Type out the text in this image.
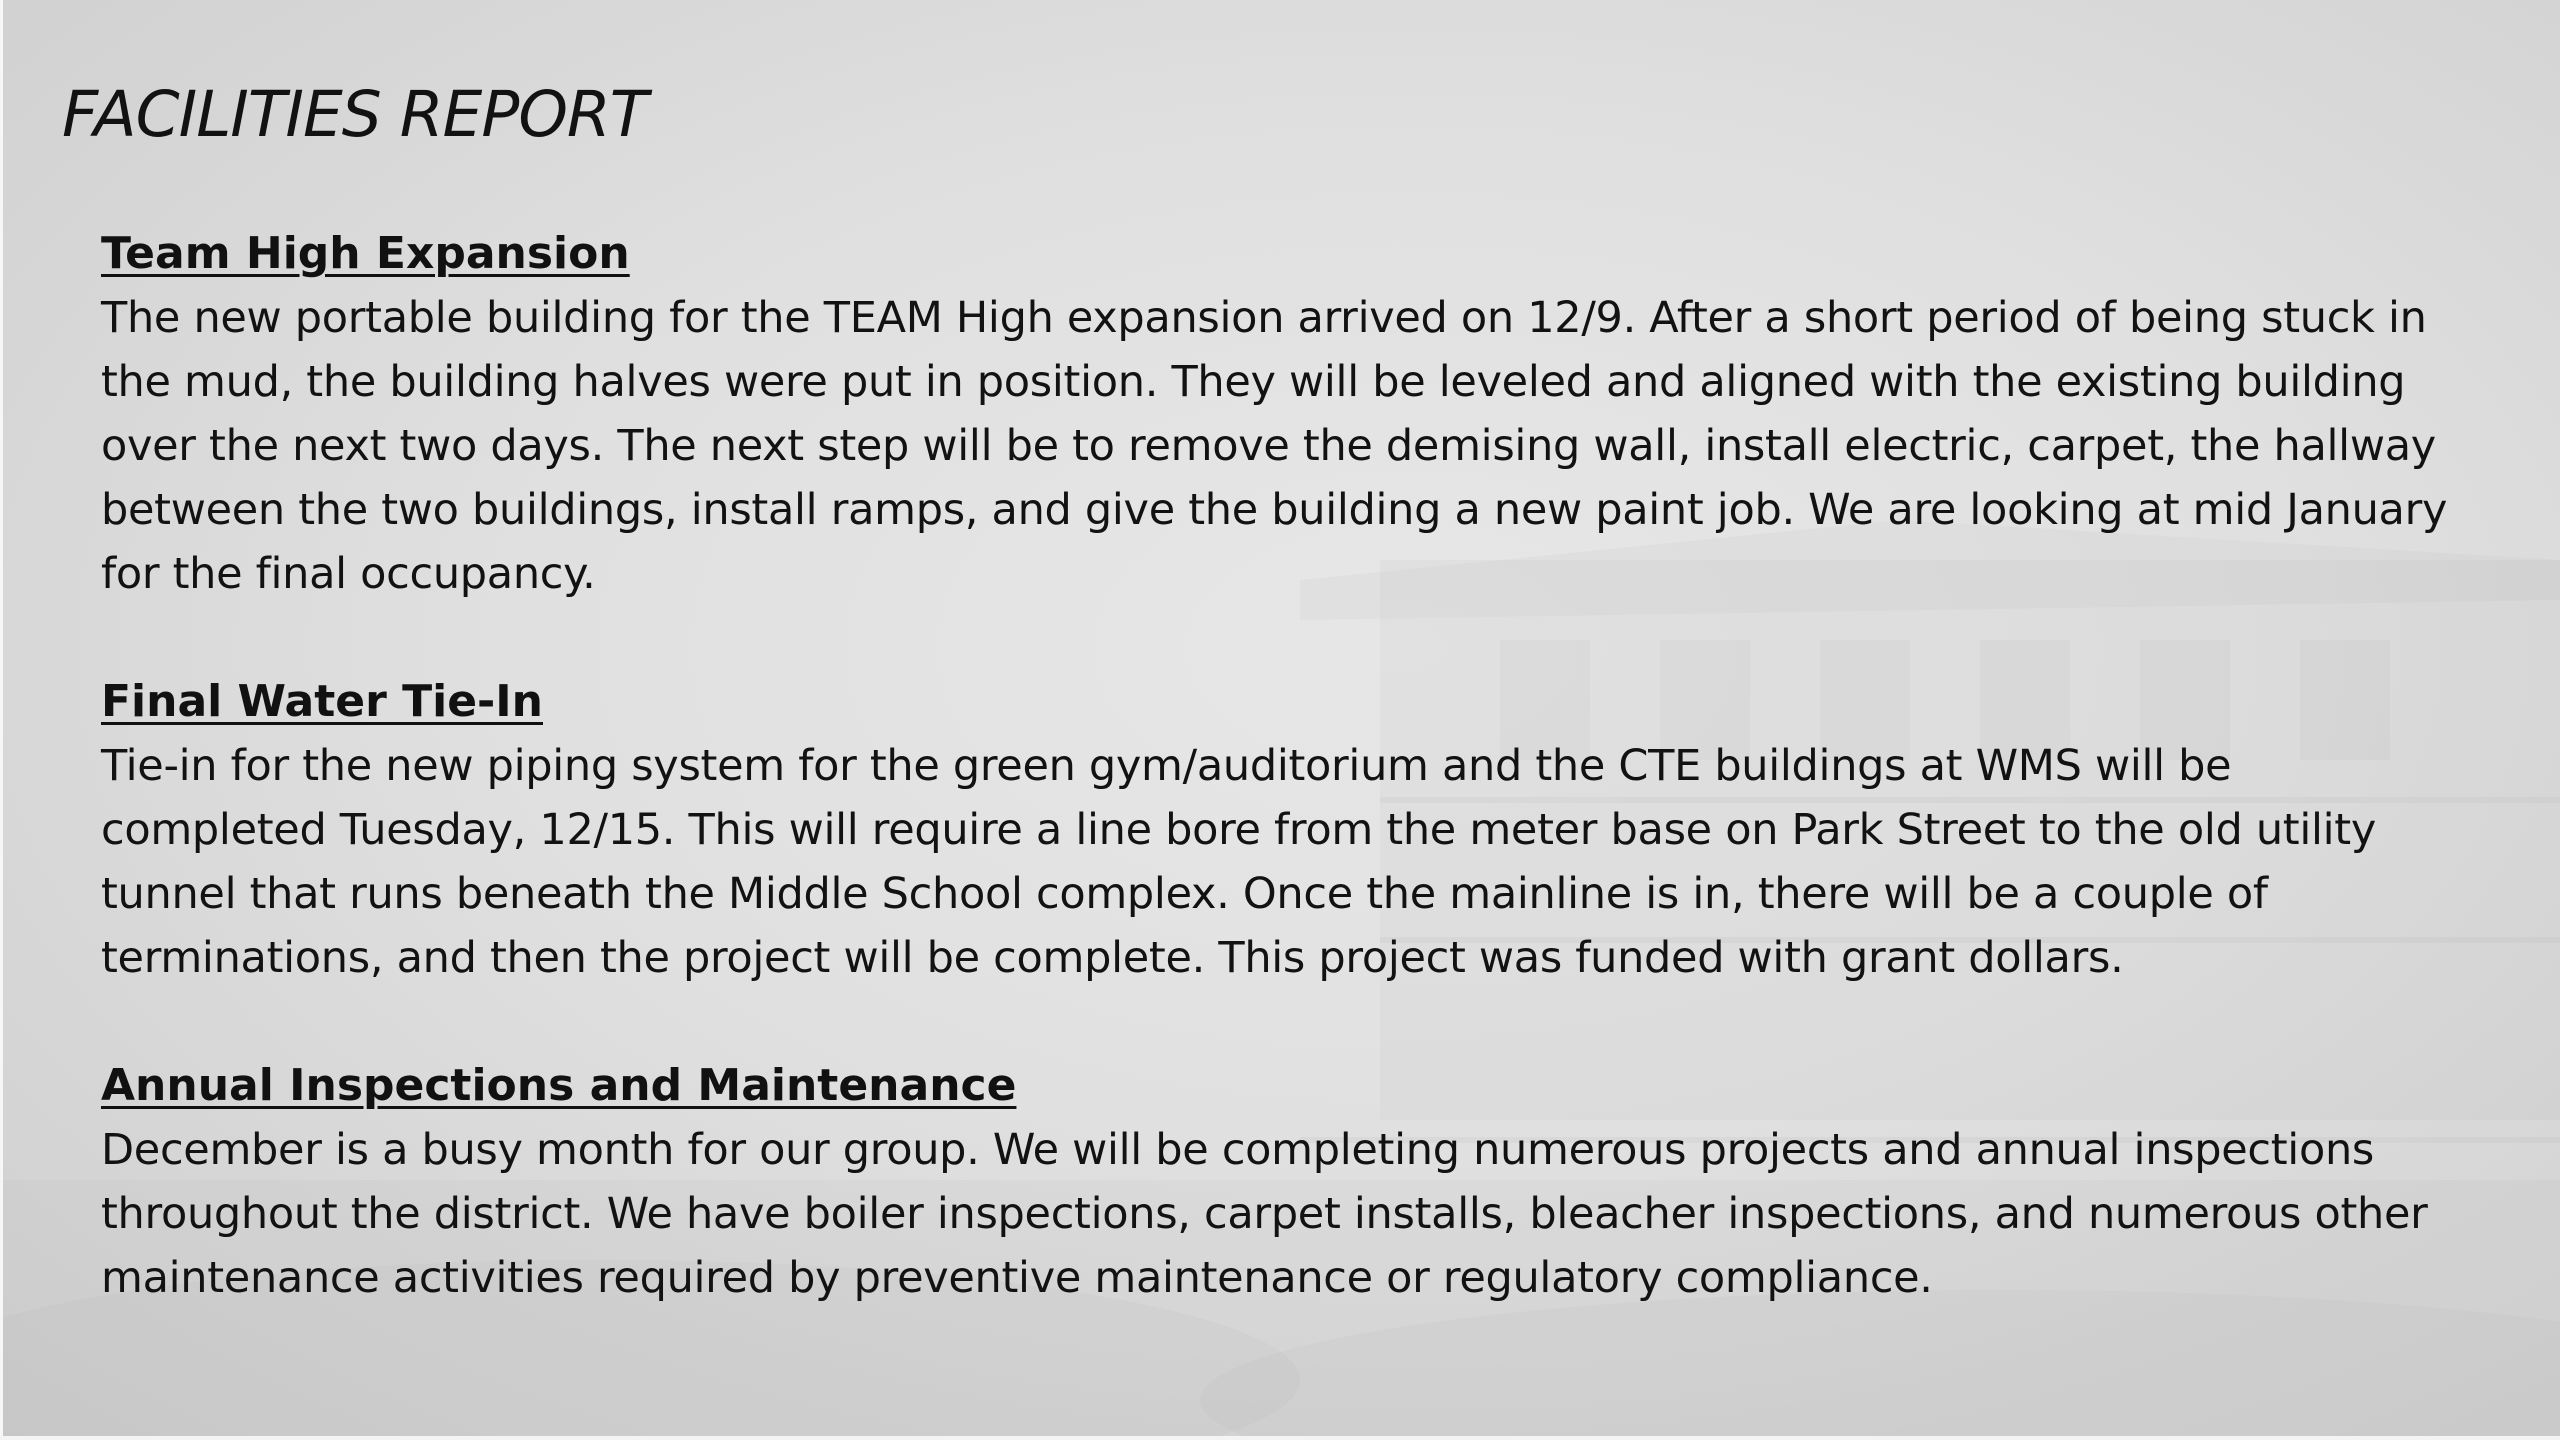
FACILITIES REPORT
Team High Expansion

The new portable building for the TEAM High expansion arrived on 12/9. After a short period of being stuck in the mud, the building halves were put in position. They will be leveled and aligned with the existing building over the next two days. The next step will be to remove the demising wall, install electric, carpet, the hallway between the two buildings, install ramps, and give the building a new paint job. We are looking at mid January for the final occupancy.

Final Water Tie-In

Tie-in for the new piping system for the green gym/auditorium and the CTE buildings at WMS will be completed Tuesday, 12/15. This will require a line bore from the meter base on Park Street to the old utility tunnel that runs beneath the Middle School complex. Once the mainline is in, there will be a couple of terminations, and then the project will be complete. This project was funded with grant dollars.

Annual Inspections and Maintenance

December is a busy month for our group. We will be completing numerous projects and annual inspections throughout the district. We have boiler inspections, carpet installs, bleacher inspections, and numerous other maintenance activities required by preventive maintenance or regulatory compliance.
